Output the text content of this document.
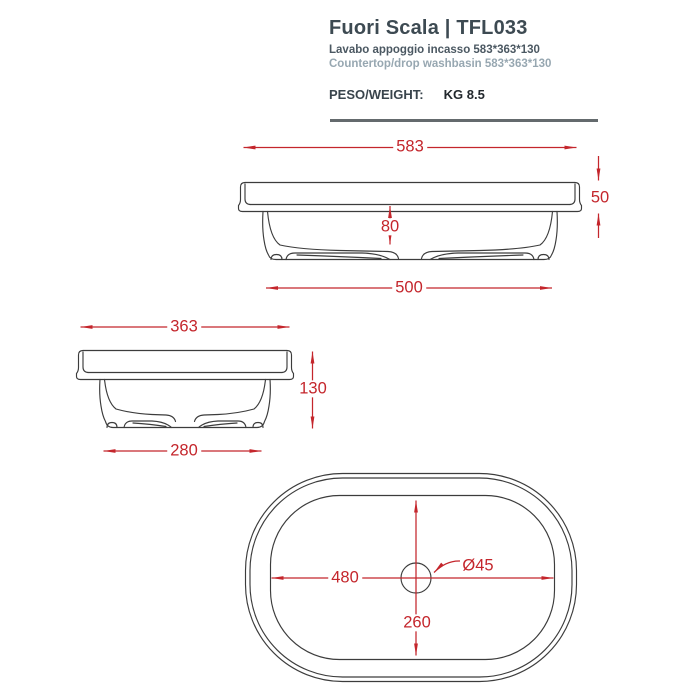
Fuori Scala | TFL033
Lavabo appoggio incasso 583*363*130
Countertop/drop washbasin 583*363*130
PESO/WEIGHT: KG 8.5
583
50
80
500
363
130
280
480
260
Ø45
